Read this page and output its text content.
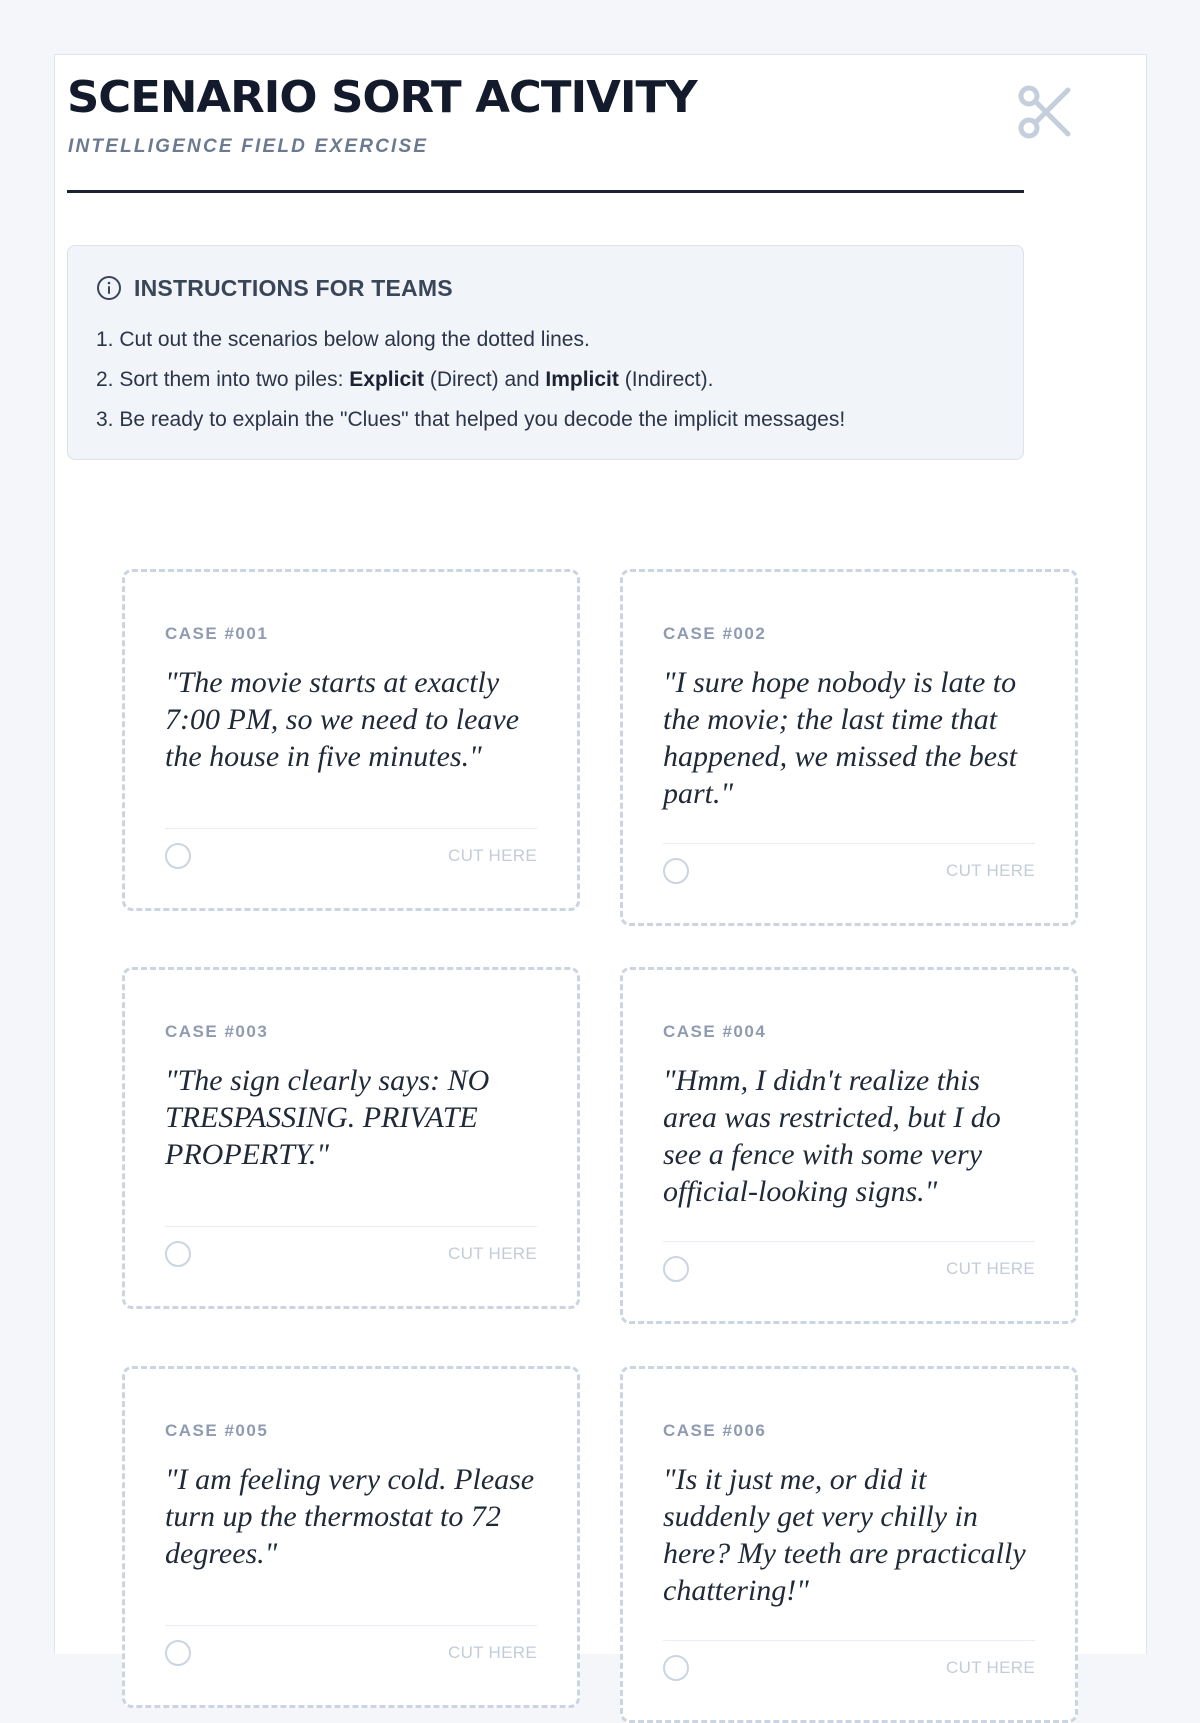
SCENARIO SORT ACTIVITY
INTELLIGENCE FIELD EXERCISE
INSTRUCTIONS FOR TEAMS
1. Cut out the scenarios below along the dotted lines.
2. Sort them into two piles: Explicit (Direct) and Implicit (Indirect).
3. Be ready to explain the "Clues" that helped you decode the implicit messages!
CASE #001
"The movie starts at exactly 7:00 PM, so we need to leave the house in five minutes."
CUT HERE
CASE #002
"I sure hope nobody is late to the movie; the last time that happened, we missed the best part."
CUT HERE
CASE #003
"The sign clearly says: NO TRESPASSING. PRIVATE PROPERTY."
CUT HERE
CASE #004
"Hmm, I didn't realize this area was restricted, but I do see a fence with some very official-looking signs."
CUT HERE
CASE #005
"I am feeling very cold. Please turn up the thermostat to 72 degrees."
CUT HERE
CASE #006
"Is it just me, or did it suddenly get very chilly in here? My teeth are practically chattering!"
CUT HERE
